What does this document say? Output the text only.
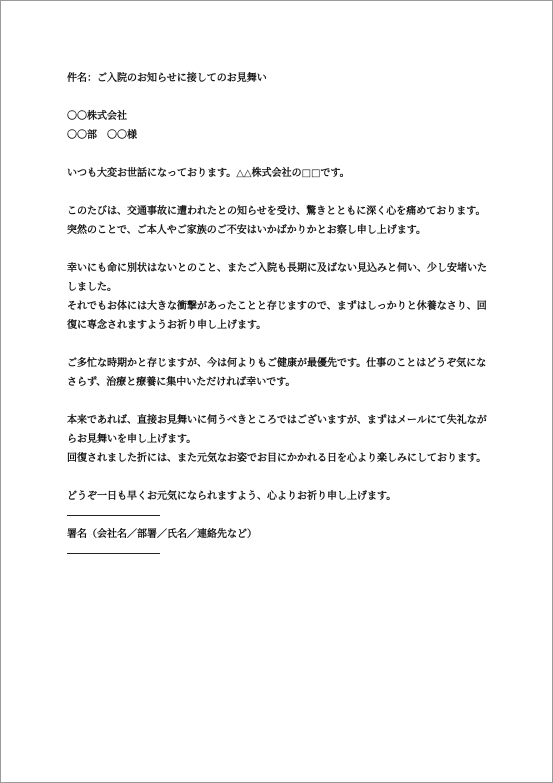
件名：ご入院のお知らせに接してのお見舞い
〇〇株式会社
〇〇部　〇〇様
いつも大変お世話になっております。△△株式会社の□□です。
このたびは、交通事故に遭われたとの知らせを受け、驚きとともに深く心を痛めております。
突然のことで、ご本人やご家族のご不安はいかばかりかとお察し申し上げます。
幸いにも命に別状はないとのこと、またご入院も長期に及ばない見込みと伺い、少し安堵いた
しました。
それでもお体には大きな衝撃があったことと存じますので、まずはしっかりと休養なさり、回
復に専念されますようお祈り申し上げます。
ご多忙な時期かと存じますが、今は何よりもご健康が最優先です。仕事のことはどうぞ気にな
さらず、治療と療養に集中いただければ幸いです。
本来であれば、直接お見舞いに伺うべきところではございますが、まずはメールにて失礼なが
らお見舞いを申し上げます。
回復されました折には、また元気なお姿でお目にかかれる日を心より楽しみにしております。
どうぞ一日も早くお元気になられますよう、心よりお祈り申し上げます。
署名（会社名／部署／氏名／連絡先など）
